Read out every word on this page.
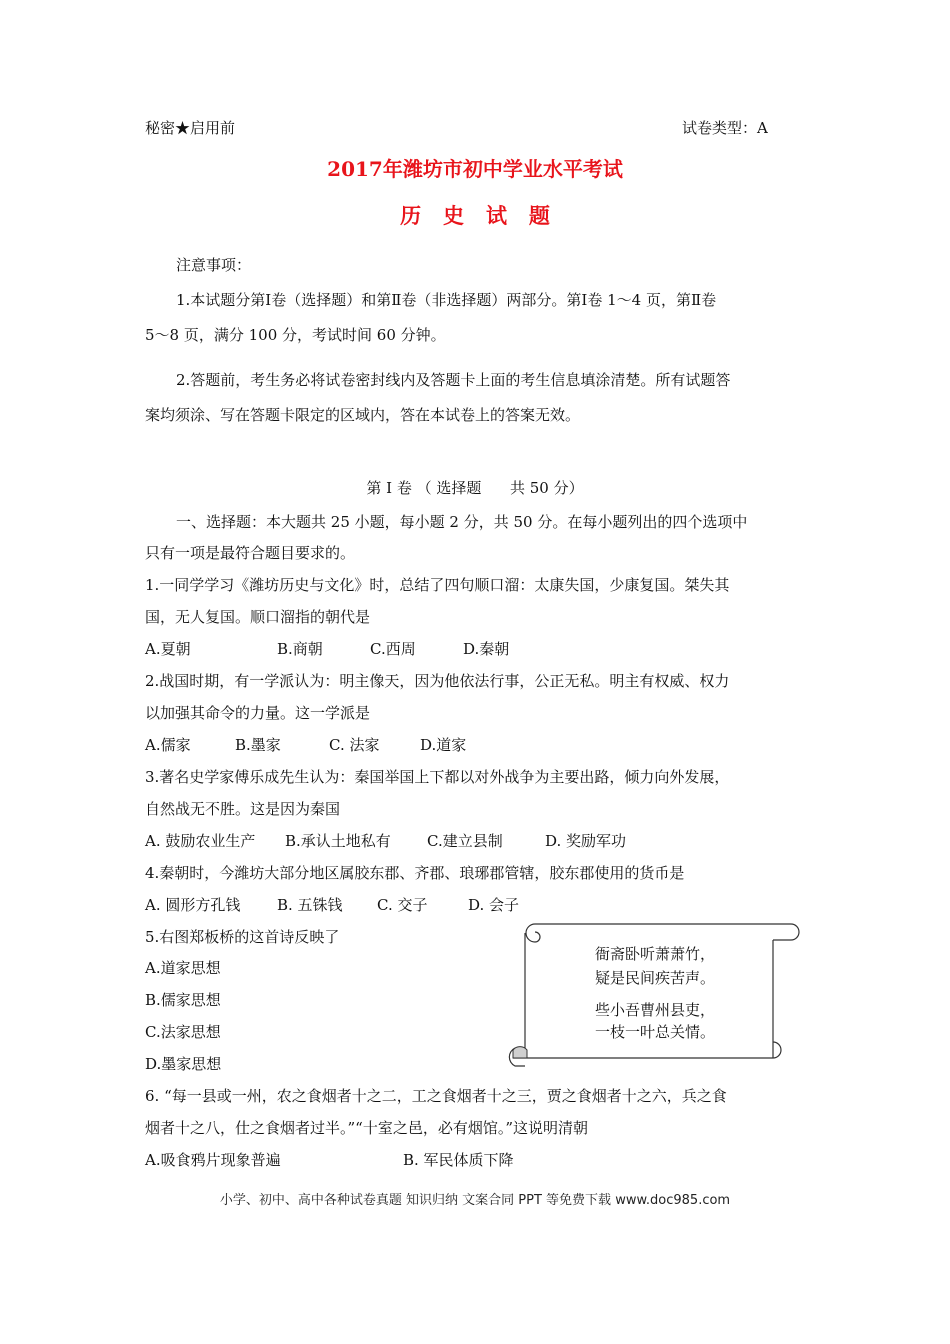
秘密★启用前	试卷类型：A
2017年潍坊市初中学业水平考试
历   史   试   题
注意事项：
1.本试题分第Ⅰ卷（选择题）和第Ⅱ卷（非选择题）两部分。第Ⅰ卷 1～4 页，第Ⅱ卷
5～8 页，满分 100 分，考试时间 60 分钟。
2.答题前，考生务必将试卷密封线内及答题卡上面的考生信息填涂清楚。所有试题答
案均须涂、写在答题卡限定的区域内，答在本试卷上的答案无效。
第 Ⅰ 卷 （ 选择题      共 50 分）
一、选择题：本大题共 25 小题，每小题 2 分，共 50 分。在每小题列出的四个选项中
只有一项是最符合题目要求的。
1.一同学学习《潍坊历史与文化》时，总结了四句顺口溜：太康失国，少康复国。桀失其
国，无人复国。顺口溜指的朝代是
A.夏朝	B.商朝	C.西周	D.秦朝
2.战国时期，有一学派认为：明主像天，因为他依法行事，公正无私。明主有权威、权力
以加强其命令的力量。这一学派是
A.儒家	B.墨家	C. 法家	D.道家
3.著名史学家傅乐成先生认为：秦国举国上下都以对外战争为主要出路，倾力向外发展，
自然战无不胜。这是因为秦国
A. 鼓励农业生产 B.承认土地私有 C.建立县制	D. 奖励军功
4.秦朝时，今潍坊大部分地区属胶东郡、齐郡、琅琊郡管辖，胶东郡使用的货币是
A. 圆形方孔钱 B. 五铢钱 C. 交子	D. 会子
5.右图郑板桥的这首诗反映了
A.道家思想
B.儒家思想
C.法家思想
D.墨家思想
衙斋卧听萧萧竹，
疑是民间疾苦声。
些小吾曹州县吏，
一枝一叶总关情。
6. “每一县或一州，农之食烟者十之二，工之食烟者十之三，贾之食烟者十之六，兵之食
烟者十之八，仕之食烟者过半。”“十室之邑，必有烟馆。”这说明清朝
A.吸食鸦片现象普遍	B. 军民体质下降
小学、初中、高中各种试卷真题 知识归纳 文案合同 PPT 等免费下载 www.doc985.com
